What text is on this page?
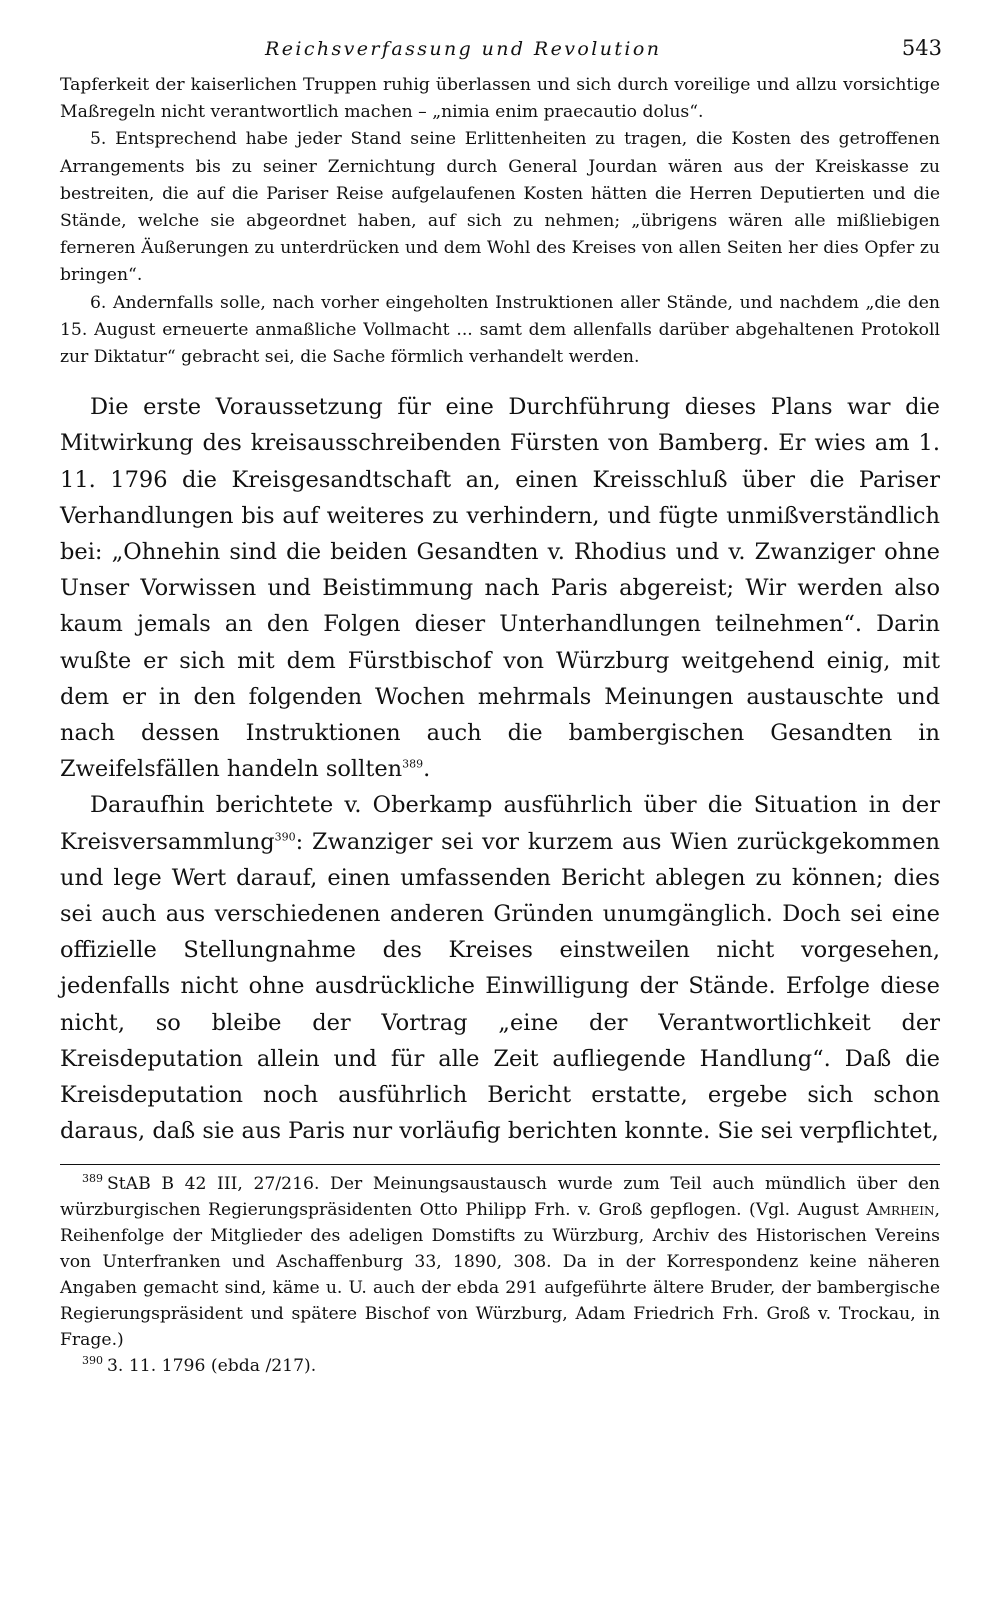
Reichsverfassung und Revolution	543

Tapferkeit der kaiserlichen Truppen ruhig überlassen und sich durch voreilige und allzu vorsichtige Maßregeln nicht verantwortlich machen – „nimia enim praecautio dolus“.

5. Entsprechend habe jeder Stand seine Erlittenheiten zu tragen, die Kosten des getroffenen Arrangements bis zu seiner Zernichtung durch General Jourdan wären aus der Kreiskasse zu bestreiten, die auf die Pariser Reise aufgelaufenen Kosten hätten die Herren Deputierten und die Stände, welche sie abgeordnet haben, auf sich zu nehmen; „übrigens wären alle mißliebigen ferneren Äußerungen zu unterdrücken und dem Wohl des Kreises von allen Seiten her dies Opfer zu bringen“.

6. Andernfalls solle, nach vorher eingeholten Instruktionen aller Stände, und nachdem „die den 15. August erneuerte anmaßliche Vollmacht ... samt dem allenfalls darüber abgehaltenen Protokoll zur Diktatur“ gebracht sei, die Sache förmlich verhandelt werden.

Die erste Voraussetzung für eine Durchführung dieses Plans war die Mitwirkung des kreisausschreibenden Fürsten von Bamberg. Er wies am 1. 11. 1796 die Kreisgesandtschaft an, einen Kreisschluß über die Pariser Verhandlungen bis auf weiteres zu verhindern, und fügte unmißverständlich bei: „Ohnehin sind die beiden Gesandten v. Rhodius und v. Zwanziger ohne Unser Vorwissen und Beistimmung nach Paris abgereist; Wir werden also kaum jemals an den Folgen dieser Unterhandlungen teilnehmen“. Darin wußte er sich mit dem Fürstbischof von Würzburg weitgehend einig, mit dem er in den folgenden Wochen mehrmals Meinungen austauschte und nach dessen Instruktionen auch die bambergischen Gesandten in Zweifelsfällen handeln sollten$^{389}$.

Daraufhin berichtete v. Oberkamp ausführlich über die Situation in der Kreisversammlung$^{390}$: Zwanziger sei vor kurzem aus Wien zurückgekommen und lege Wert darauf, einen umfassenden Bericht ablegen zu können; dies sei auch aus verschiedenen anderen Gründen unumgänglich. Doch sei eine offizielle Stellungnahme des Kreises einstweilen nicht vorgesehen, jedenfalls nicht ohne ausdrückliche Einwilligung der Stände. Erfolge diese nicht, so bleibe der Vortrag „eine der Verantwortlichkeit der Kreisdeputation allein und für alle Zeit aufliegende Handlung“. Daß die Kreisdeputation noch ausführlich Bericht erstatte, ergebe sich schon daraus, daß sie aus Paris nur vorläufig berichten konnte. Sie sei verpflichtet,

$^{389}$ StAB B 42 III, 27/216. Der Meinungsaustausch wurde zum Teil auch mündlich über den würzburgischen Regierungspräsidenten Otto Philipp Frh. v. Groß gepflogen. (Vgl. August Amrhein, Reihenfolge der Mitglieder des adeligen Domstifts zu Würzburg, Archiv des Historischen Vereins von Unterfranken und Aschaffenburg 33, 1890, 308. Da in der Korrespondenz keine näheren Angaben gemacht sind, käme u. U. auch der ebda 291 aufgeführte ältere Bruder, der bambergische Regierungspräsident und spätere Bischof von Würzburg, Adam Friedrich Frh. Groß v. Trockau, in Frage.)

$^{390}$ 3. 11. 1796 (ebda /217).
